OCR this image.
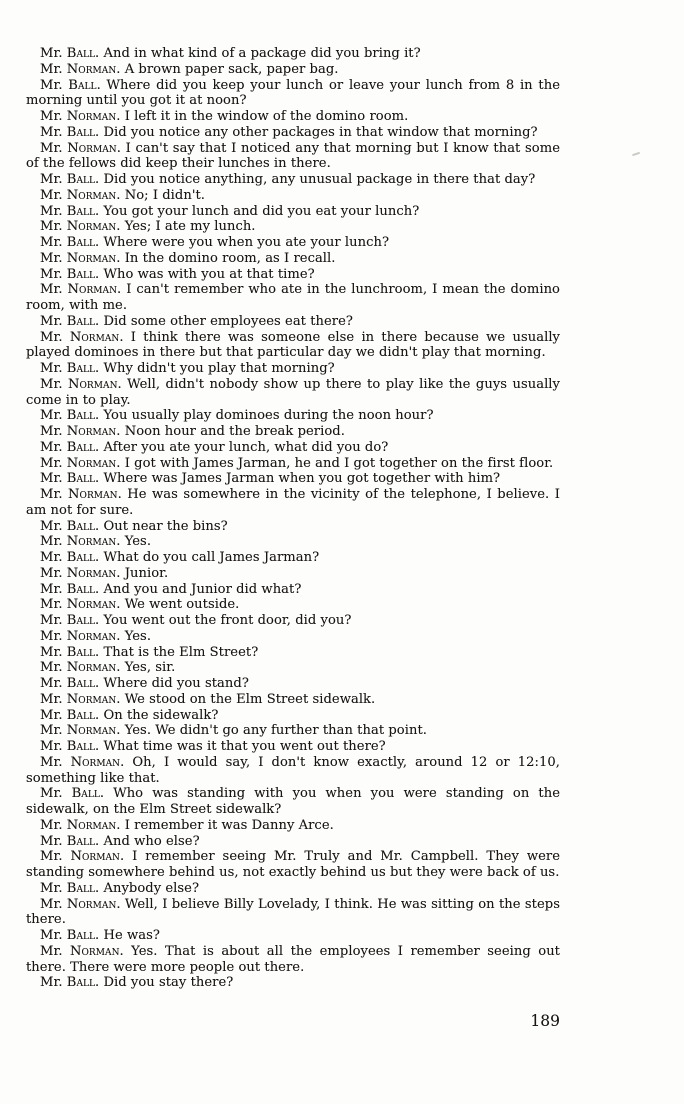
Mr. Ball. And in what kind of a package did you bring it?

Mr. Norman. A brown paper sack, paper bag.

Mr. Ball. Where did you keep your lunch or leave your lunch from 8 in the morning until you got it at noon?

Mr. Norman. I left it in the window of the domino room.

Mr. Ball. Did you notice any other packages in that window that morning?

Mr. Norman. I can't say that I noticed any that morning but I know that some of the fellows did keep their lunches in there.

Mr. Ball. Did you notice anything, any unusual package in there that day?

Mr. Norman. No; I didn't.

Mr. Ball. You got your lunch and did you eat your lunch?

Mr. Norman. Yes; I ate my lunch.

Mr. Ball. Where were you when you ate your lunch?

Mr. Norman. In the domino room, as I recall.

Mr. Ball. Who was with you at that time?

Mr. Norman. I can't remember who ate in the lunchroom, I mean the domino room, with me.

Mr. Ball. Did some other employees eat there?

Mr. Norman. I think there was someone else in there because we usually played dominoes in there but that particular day we didn't play that morning.

Mr. Ball. Why didn't you play that morning?

Mr. Norman. Well, didn't nobody show up there to play like the guys usually come in to play.

Mr. Ball. You usually play dominoes during the noon hour?

Mr. Norman. Noon hour and the break period.

Mr. Ball. After you ate your lunch, what did you do?

Mr. Norman. I got with James Jarman, he and I got together on the first floor.

Mr. Ball. Where was James Jarman when you got together with him?

Mr. Norman. He was somewhere in the vicinity of the telephone, I believe. I am not for sure.

Mr. Ball. Out near the bins?

Mr. Norman. Yes.

Mr. Ball. What do you call James Jarman?

Mr. Norman. Junior.

Mr. Ball. And you and Junior did what?

Mr. Norman. We went outside.

Mr. Ball. You went out the front door, did you?

Mr. Norman. Yes.

Mr. Ball. That is the Elm Street?

Mr. Norman. Yes, sir.

Mr. Ball. Where did you stand?

Mr. Norman. We stood on the Elm Street sidewalk.

Mr. Ball. On the sidewalk?

Mr. Norman. Yes. We didn't go any further than that point.

Mr. Ball. What time was it that you went out there?

Mr. Norman. Oh, I would say, I don't know exactly, around 12 or 12:10, something like that.

Mr. Ball. Who was standing with you when you were standing on the sidewalk, on the Elm Street sidewalk?

Mr. Norman. I remember it was Danny Arce.

Mr. Ball. And who else?

Mr. Norman. I remember seeing Mr. Truly and Mr. Campbell. They were standing somewhere behind us, not exactly behind us but they were back of us.

Mr. Ball. Anybody else?

Mr. Norman. Well, I believe Billy Lovelady, I think. He was sitting on the steps there.

Mr. Ball. He was?

Mr. Norman. Yes. That is about all the employees I remember seeing out there. There were more people out there.

Mr. Ball. Did you stay there?

189
